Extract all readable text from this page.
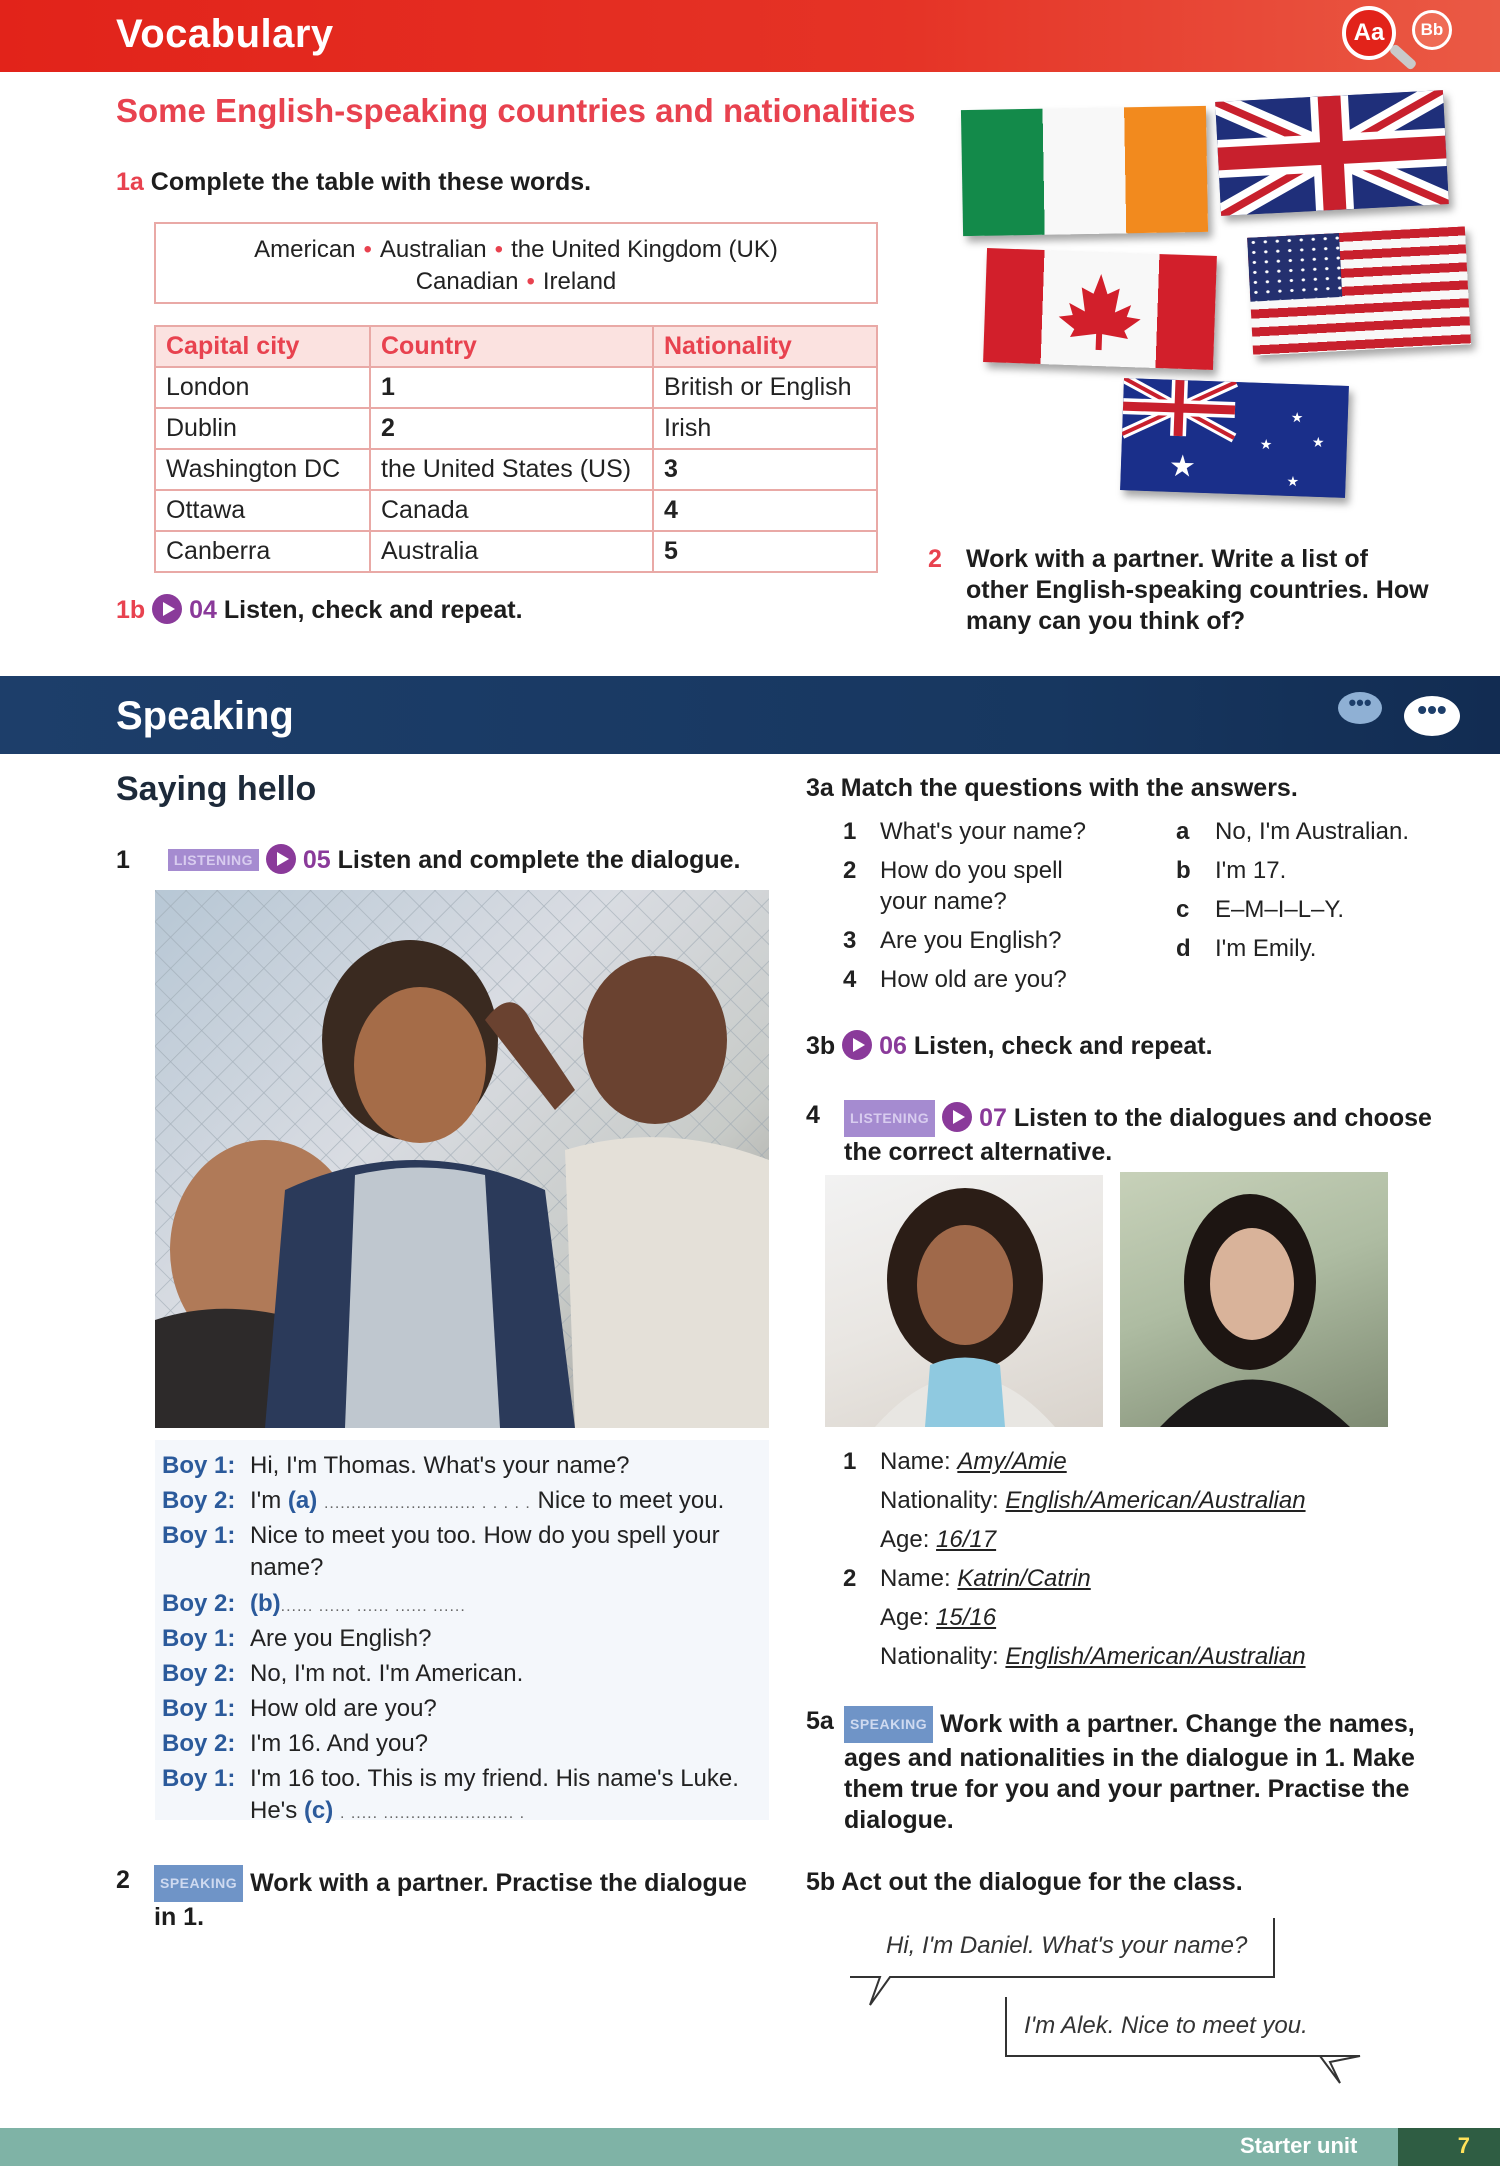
Vocabulary	Aa	Bb
Some English-speaking countries and nationalities
1a Complete the table with these words.
American • Australian • the United Kingdom (UK)
Canadian • Ireland
Capital city	Country	Nationality
London	1	British or English
Dublin	2	Irish
Washington DC	the United States (US)	3
Ottawa	Canada	4
Canberra	Australia	5
1b 04 Listen, check and repeat.
★
★
★	★
★
2 Work with a partner. Write a list of
other English-speaking countries. How
many can you think of?
Speaking	•••	•••
Saying hello
1	LISTENING 05 Listen and complete the dialogue.
Boy 1: Hi, I'm Thomas. What's your name?
Boy 2: I'm (a) ............................ . . . . . Nice to meet you.
Boy 1: Nice to meet you too. How do you spell your
name?
Boy 2: (b)...... ...... ...... ...... ......
Boy 1: Are you English?
Boy 2: No, I'm not. I'm American.
Boy 1: How old are you?
Boy 2: I'm 16. And you?
Boy 1: I'm 16 too. This is my friend. His name's Luke.
He's (c) . ..... ........................ .
2	SPEAKING Work with a partner. Practise the dialogue
in 1.
3a Match the questions with the answers.
1 What's your name?
2 How do you spell
your name?
3 Are you English?
4 How old are you?
a No, I'm Australian.
b I'm 17.
c E–M–I–L–Y.
d I'm Emily.
3b 06 Listen, check and repeat.
4	LISTENING 07 Listen to the dialogues and choose
the correct alternative.
1 Name: Amy/Amie
Nationality: English/American/Australian
Age: 16/17
2 Name: Katrin/Catrin
Age: 15/16
Nationality: English/American/Australian
5a	SPEAKING Work with a partner. Change the names,
ages and nationalities in the dialogue in 1. Make
them true for you and your partner. Practise the
dialogue.
5b Act out the dialogue for the class.
Hi, I'm Daniel. What's your name?
I'm Alek. Nice to meet you.
Starter unit	7
